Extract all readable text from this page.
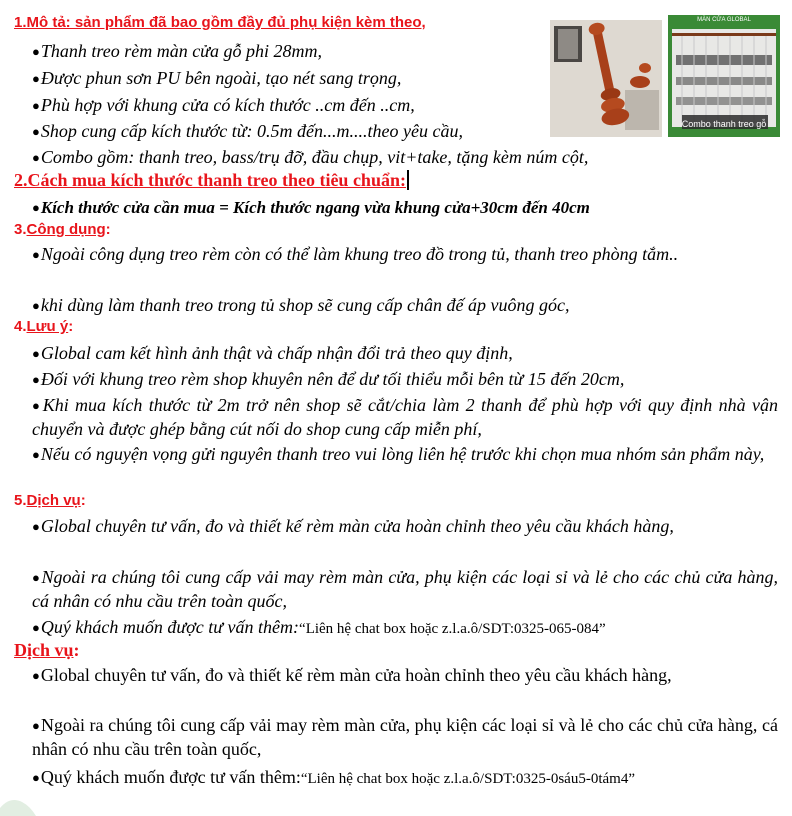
1.Mô tả: sản phẩm đã bao gồm đầy đủ phụ kiện kèm theo,
●Thanh treo rèm màn cửa gỗ phi 28mm,
●Được phun sơn PU bên ngoài, tạo nét sang trọng,
●Phù hợp với khung cửa có kích thước ..cm đến ..cm,
●Shop cung cấp kích thước từ: 0.5m đến...m....theo yêu cầu,
●Combo gồm: thanh treo, bass/trụ đỡ, đầu chụp, vit+take, tặng kèm núm cột,
MÀN CỬA GLOBAL
Combo thanh treo gỗ
2.Cách mua kích thước thanh treo theo tiêu chuẩn:
●Kích thước cửa cần mua = Kích thước ngang vừa khung cửa+30cm đến 40cm
3.Công dụng:
●Ngoài công dụng treo rèm còn có thể làm khung treo đồ trong tủ, thanh treo phòng tắm..
●khi dùng làm thanh treo trong tủ shop sẽ cung cấp chân đế áp vuông góc,
4.Lưu ý:
●Global cam kết hình ảnh thật và chấp nhận đổi trả theo quy định,
●Đối với khung treo rèm shop khuyên nên để dư tối thiểu mỗi bên từ 15 đến 20cm,
●Khi mua kích thước từ 2m trở nên shop sẽ cắt/chia làm 2 thanh để phù hợp với quy định nhà vận chuyển và được ghép bằng cút nối do shop cung cấp miễn phí,
●Nếu có nguyện vọng gửi nguyên thanh treo vui lòng liên hệ trước khi chọn mua nhóm sản phẩm này,
5.Dịch vụ:
●Global chuyên tư vấn, đo và thiết kế rèm màn cửa hoàn chỉnh theo yêu cầu khách hàng,
●Ngoài ra chúng tôi cung cấp vải may rèm màn cửa, phụ kiện các loại sỉ và lẻ cho các chủ cửa hàng, cá nhân có nhu cầu trên toàn quốc,
●Quý khách muốn được tư vấn thêm:“Liên hệ chat box hoặc z.l.a.ô/SDT:0325-065-084”
Dịch vụ:
●Global chuyên tư vấn, đo và thiết kế rèm màn cửa hoàn chỉnh theo yêu cầu khách hàng,
●Ngoài ra chúng tôi cung cấp vải may rèm màn cửa, phụ kiện các loại sỉ và lẻ cho các chủ cửa hàng, cá nhân có nhu cầu trên toàn quốc,
●Quý khách muốn được tư vấn thêm:“Liên hệ chat box hoặc z.l.a.ô/SDT:0325-0sáu5-0tám4”
